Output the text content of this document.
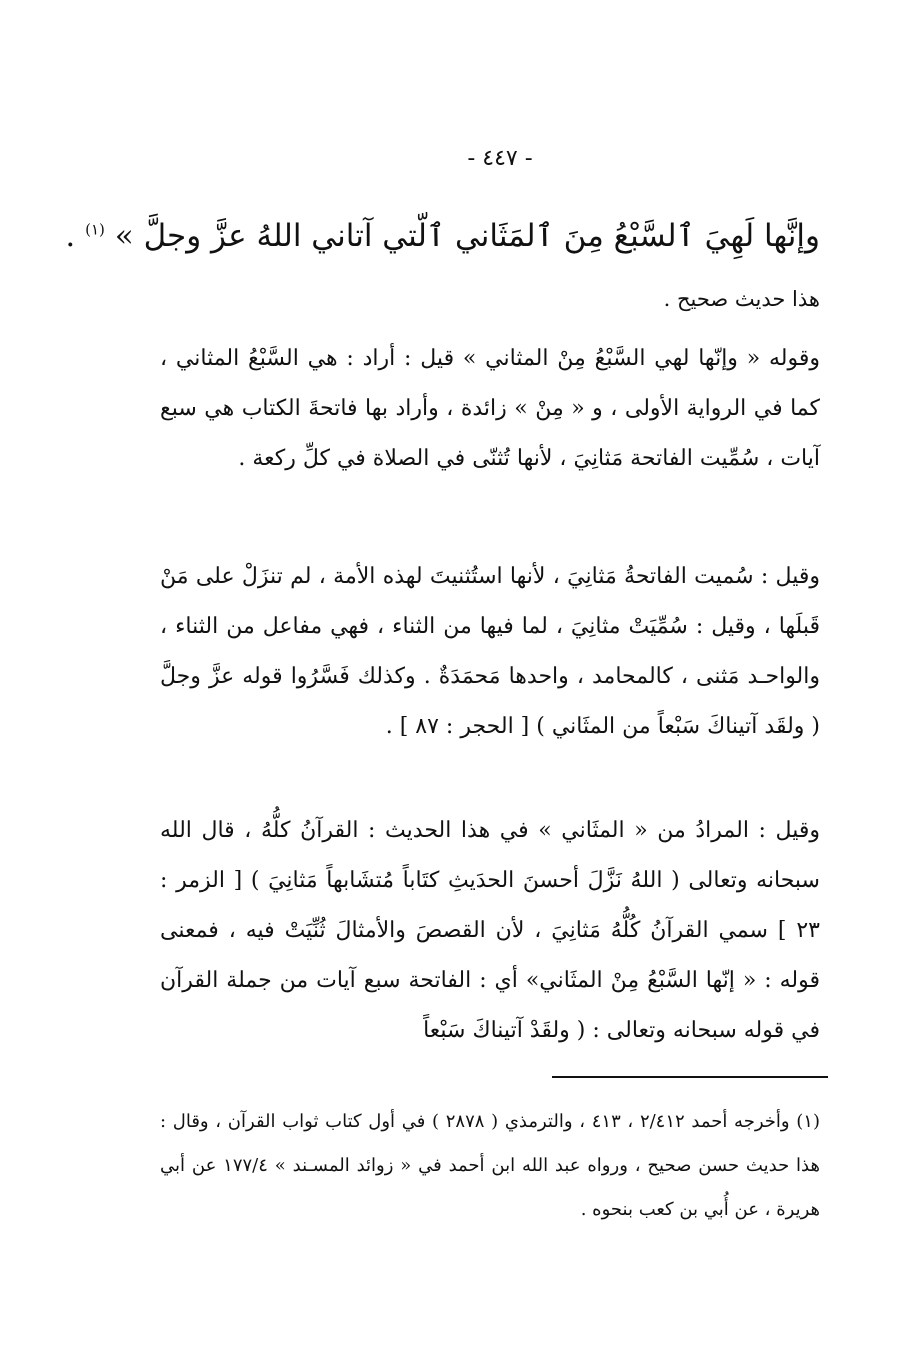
- ٤٤٧ -
وإنَّها لَهِيَ ٱلسَّبْعُ مِنَ ٱلمَثَاني ٱلّتي آتاني اللهُ عزَّ وجلَّ » $^{(١)}$ .
هذا حديث صحيح .
وقوله « وإنّها لهي السَّبْعُ مِنْ المثاني » قيل : أراد : هي السَّبْعُ المثاني ، كما في الرواية الأولى ، و « مِنْ » زائدة ، وأراد بها فاتحةَ الكتاب هي سبع آيات ، سُمِّيت الفاتحة مَثانِيَ ، لأنها تُثنّى في الصلاة في كلِّ ركعة .
وقيل : سُميت الفاتحةُ مَثانِيَ ، لأنها استُثنيتَ لهذه الأمة ، لم تنزَلْ على مَنْ قَبلَها ، وقيل : سُمِّيَتْ مثانِيَ ، لما فيها من الثناء ، فهي مفاعل من الثناء ، والواحـد مَثنى ، كالمحامد ، واحدها مَحمَدَةٌ . وكذلك فَسَّرُوا قوله عزَّ وجلَّ ( ولقَد آتيناكَ سَبْعاً من المثَاني ) [ الحجر : ٨٧ ] .
وقيل : المرادُ من « المثَاني » في هذا الحديث : القرآنُ كلُّهُ ، قال الله سبحانه وتعالى ( اللهُ نَزَّلَ أحسنَ الحدَيثِ كتَاباً مُتشَابهاً مَثانِيَ ) [ الزمر : ٢٣ ] سمي القرآنُ كُلُّهُ مَثانِيَ ، لأن القصصَ والأمثالَ ثُنِّيَتْ فيه ، فمعنى قوله : « إنّها السَّبْعُ مِنْ المثَاني» أي : الفاتحة سبع آيات من جملة القرآن في قوله سبحانه وتعالى : ( ولقَدْ آتيناكَ سَبْعاً
(١) وأخرجه أحمد ٢/٤١٢ ، ٤١٣ ، والترمذي ( ٢٨٧٨ ) في أول كتاب ثواب القرآن ، وقال : هذا حديث حسن صحيح ، ورواه عبد الله ابن أحمد في « زوائد المسـند » ١٧٧/٤ عن أبي هريرة ، عن أُبي بن كعب بنحوه .
